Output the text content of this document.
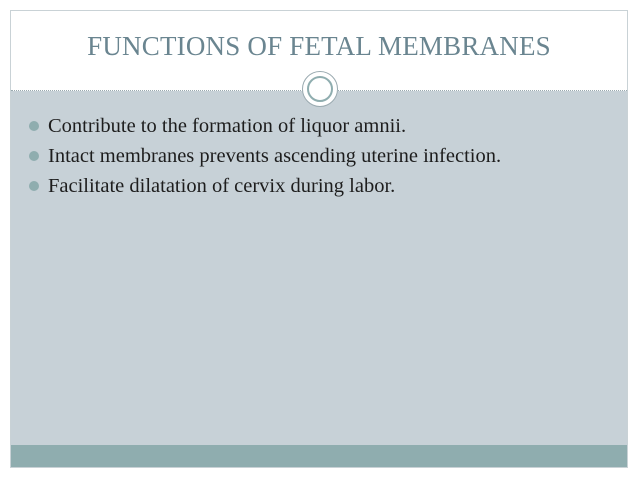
FUNCTIONS OF FETAL MEMBRANES
Contribute to the formation of liquor amnii.
Intact membranes prevents ascending uterine infection.
Facilitate dilatation of cervix during labor.
